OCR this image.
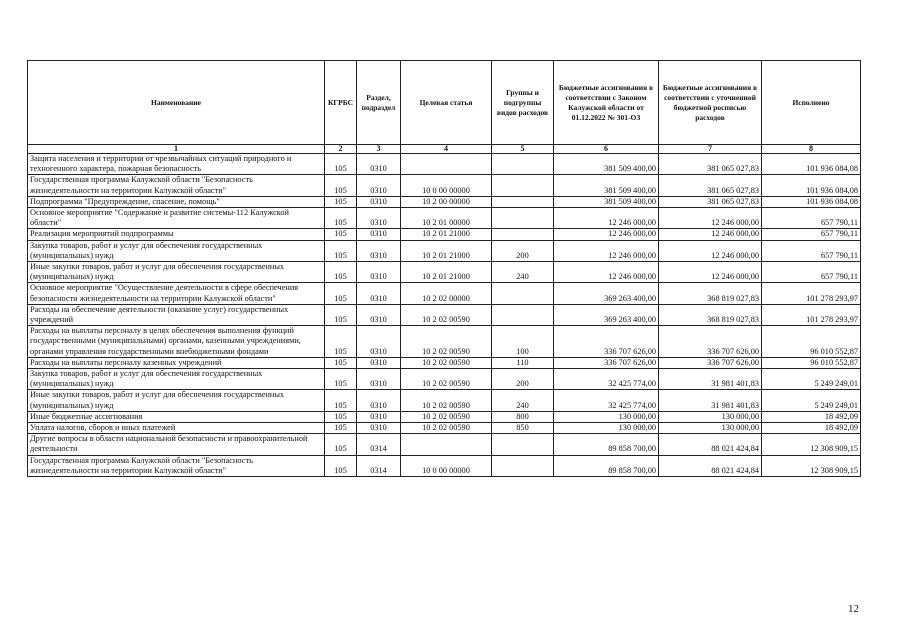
Наименование	КГРБС	Раздел, подраздел	Целевая статья	Группы и подгруппы видов расходов	Бюджетные ассигнования в соответствии с Законом Калужской области от 01.12.2022 № 301-ОЗ	Бюджетные ассигнования в соответствии с уточненной бюджетной росписью расходов	Исполнено
1	2	3	4	5	6	7	8
Защита населения и территории от чрезвычайных ситуаций природного и техногенного характера, пожарная безопасность	105	0310			381 509 400,00	381 065 027,83	101 936 084,08
Государственная программа Калужской области "Безопасность жизнедеятельности на территории Калужской области"	105	0310	10 0 00 00000		381 509 400,00	381 065 027,83	101 936 084,08
Подпрограмма "Предупреждение, спасение, помощь"	105	0310	10 2 00 00000		381 509 400,00	381 065 027,83	101 936 084,08
Основное мероприятие "Содержание и развитие системы-112 Калужской области"	105	0310	10 2 01 00000		12 246 000,00	12 246 000,00	657 790,11
Реализация мероприятий подпрограммы	105	0310	10 2 01 21000		12 246 000,00	12 246 000,00	657 790,11
Закупка товаров, работ и услуг для обеспечения государственных (муниципальных) нужд	105	0310	10 2 01 21000	200	12 246 000,00	12 246 000,00	657 790,11
Иные закупки товаров, работ и услуг для обеспечения государственных (муниципальных) нужд	105	0310	10 2 01 21000	240	12 246 000,00	12 246 000,00	657 790,11
Основное мероприятие "Осуществление деятельности в сфере обеспечения безопасности жизнедеятельности на территории Калужской области"	105	0310	10 2 02 00000		369 263 400,00	368 819 027,83	101 278 293,97
Расходы на обеспечение деятельности (оказание услуг) государственных учреждений	105	0310	10 2 02 00590		369 263 400,00	368 819 027,83	101 278 293,97
Расходы на выплаты персоналу в целях обеспечения выполнения функций государственными (муниципальными) органами, казенными учреждениями, органами управления государственными внебюджетными фондами	105	0310	10 2 02 00590	100	336 707 626,00	336 707 626,00	96 010 552,87
Расходы на выплаты персоналу казенных учреждений	105	0310	10 2 02 00590	110	336 707 626,00	336 707 626,00	96 010 552,87
Закупка товаров, работ и услуг для обеспечения государственных (муниципальных) нужд	105	0310	10 2 02 00590	200	32 425 774,00	31 981 401,83	5 249 249,01
Иные закупки товаров, работ и услуг для обеспечения государственных (муниципальных) нужд	105	0310	10 2 02 00590	240	32 425 774,00	31 981 401,83	5 249 249,01
Иные бюджетные ассигнования	105	0310	10 2 02 00590	800	130 000,00	130 000,00	18 492,09
Уплата налогов, сборов и иных платежей	105	0310	10 2 02 00590	850	130 000,00	130 000,00	18 492,09
Другие вопросы в области национальной безопасности и правоохранительной деятельности	105	0314			89 858 700,00	88 021 424,84	12 308 909,15
Государственная программа Калужской области "Безопасность жизнедеятельности на территории Калужской области"	105	0314	10 0 00 00000		89 858 700,00	88 021 424,84	12 308 909,15
12
